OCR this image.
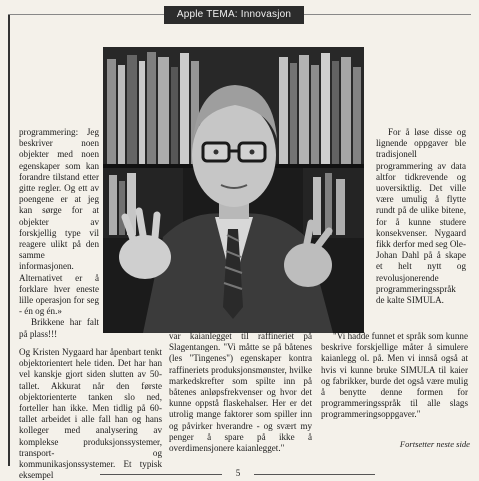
Apple TEMA: Innovasjon

programmering: Jeg beskriver noen objekter med noen egenskaper som kan forandre tilstand etter gitte regler. Og ett av poengene er at jeg kan sørge for at objekter av forskjellig type vil reagere ulikt på den samme informasjonen. Alternativet er å forklare hver eneste lille operasjon for seg - én og én.»

Brikkene har falt på plass!!!

For å løse disse og lignende oppgaver ble tradisjonell programmering av data altfor tidkrevende og uoversiktlig. Det ville være umulig å flytte rundt på de ulike bitene, for å kunne studere konsekvenser. Nygaard fikk derfor med seg Ole-Johan Dahl på å skape et helt nytt og revolusjonerende programmeringsspråk de kalte SIMULA.

Og Kristen Nygaard har åpenbart tenkt objektorientert hele tiden. Det har han vel kanskje gjort siden slutten av 50-tallet. Akkurat når den første objektorienterte tanken slo ned, forteller han ikke. Men tidlig på 60-tallet arbeidet i alle fall han og hans kolleger med analysering av komplekse produksjonssystemer, transport- og kommunikasjonssystemer. Et typisk eksempel

var kaianlegget til raffineriet på Slagentangen. "Vi måtte se på båtenes (les "Tingenes") egenskaper kontra raffineriets produksjonsmønster, hvilke markedskrefter som spilte inn på båtenes anløpsfrekvenser og hvor det kunne oppstå flaskehalser. Her er det utrolig mange faktorer som spiller inn og påvirker hverandre - og svært my penger å spare på ikke å overdimensjonere kaianlegget."

"Vi hadde funnet et språk som kunne beskrive forskjellige måter å simulere kaianlegg ol. på. Men vi innså også at hvis vi kunne bruke SIMULA til kaier og fabrikker, burde det også være mulig å benytte denne formen for programmeringsspråk til alle slags programmeringsoppgaver."

Fortsetter neste side
5
